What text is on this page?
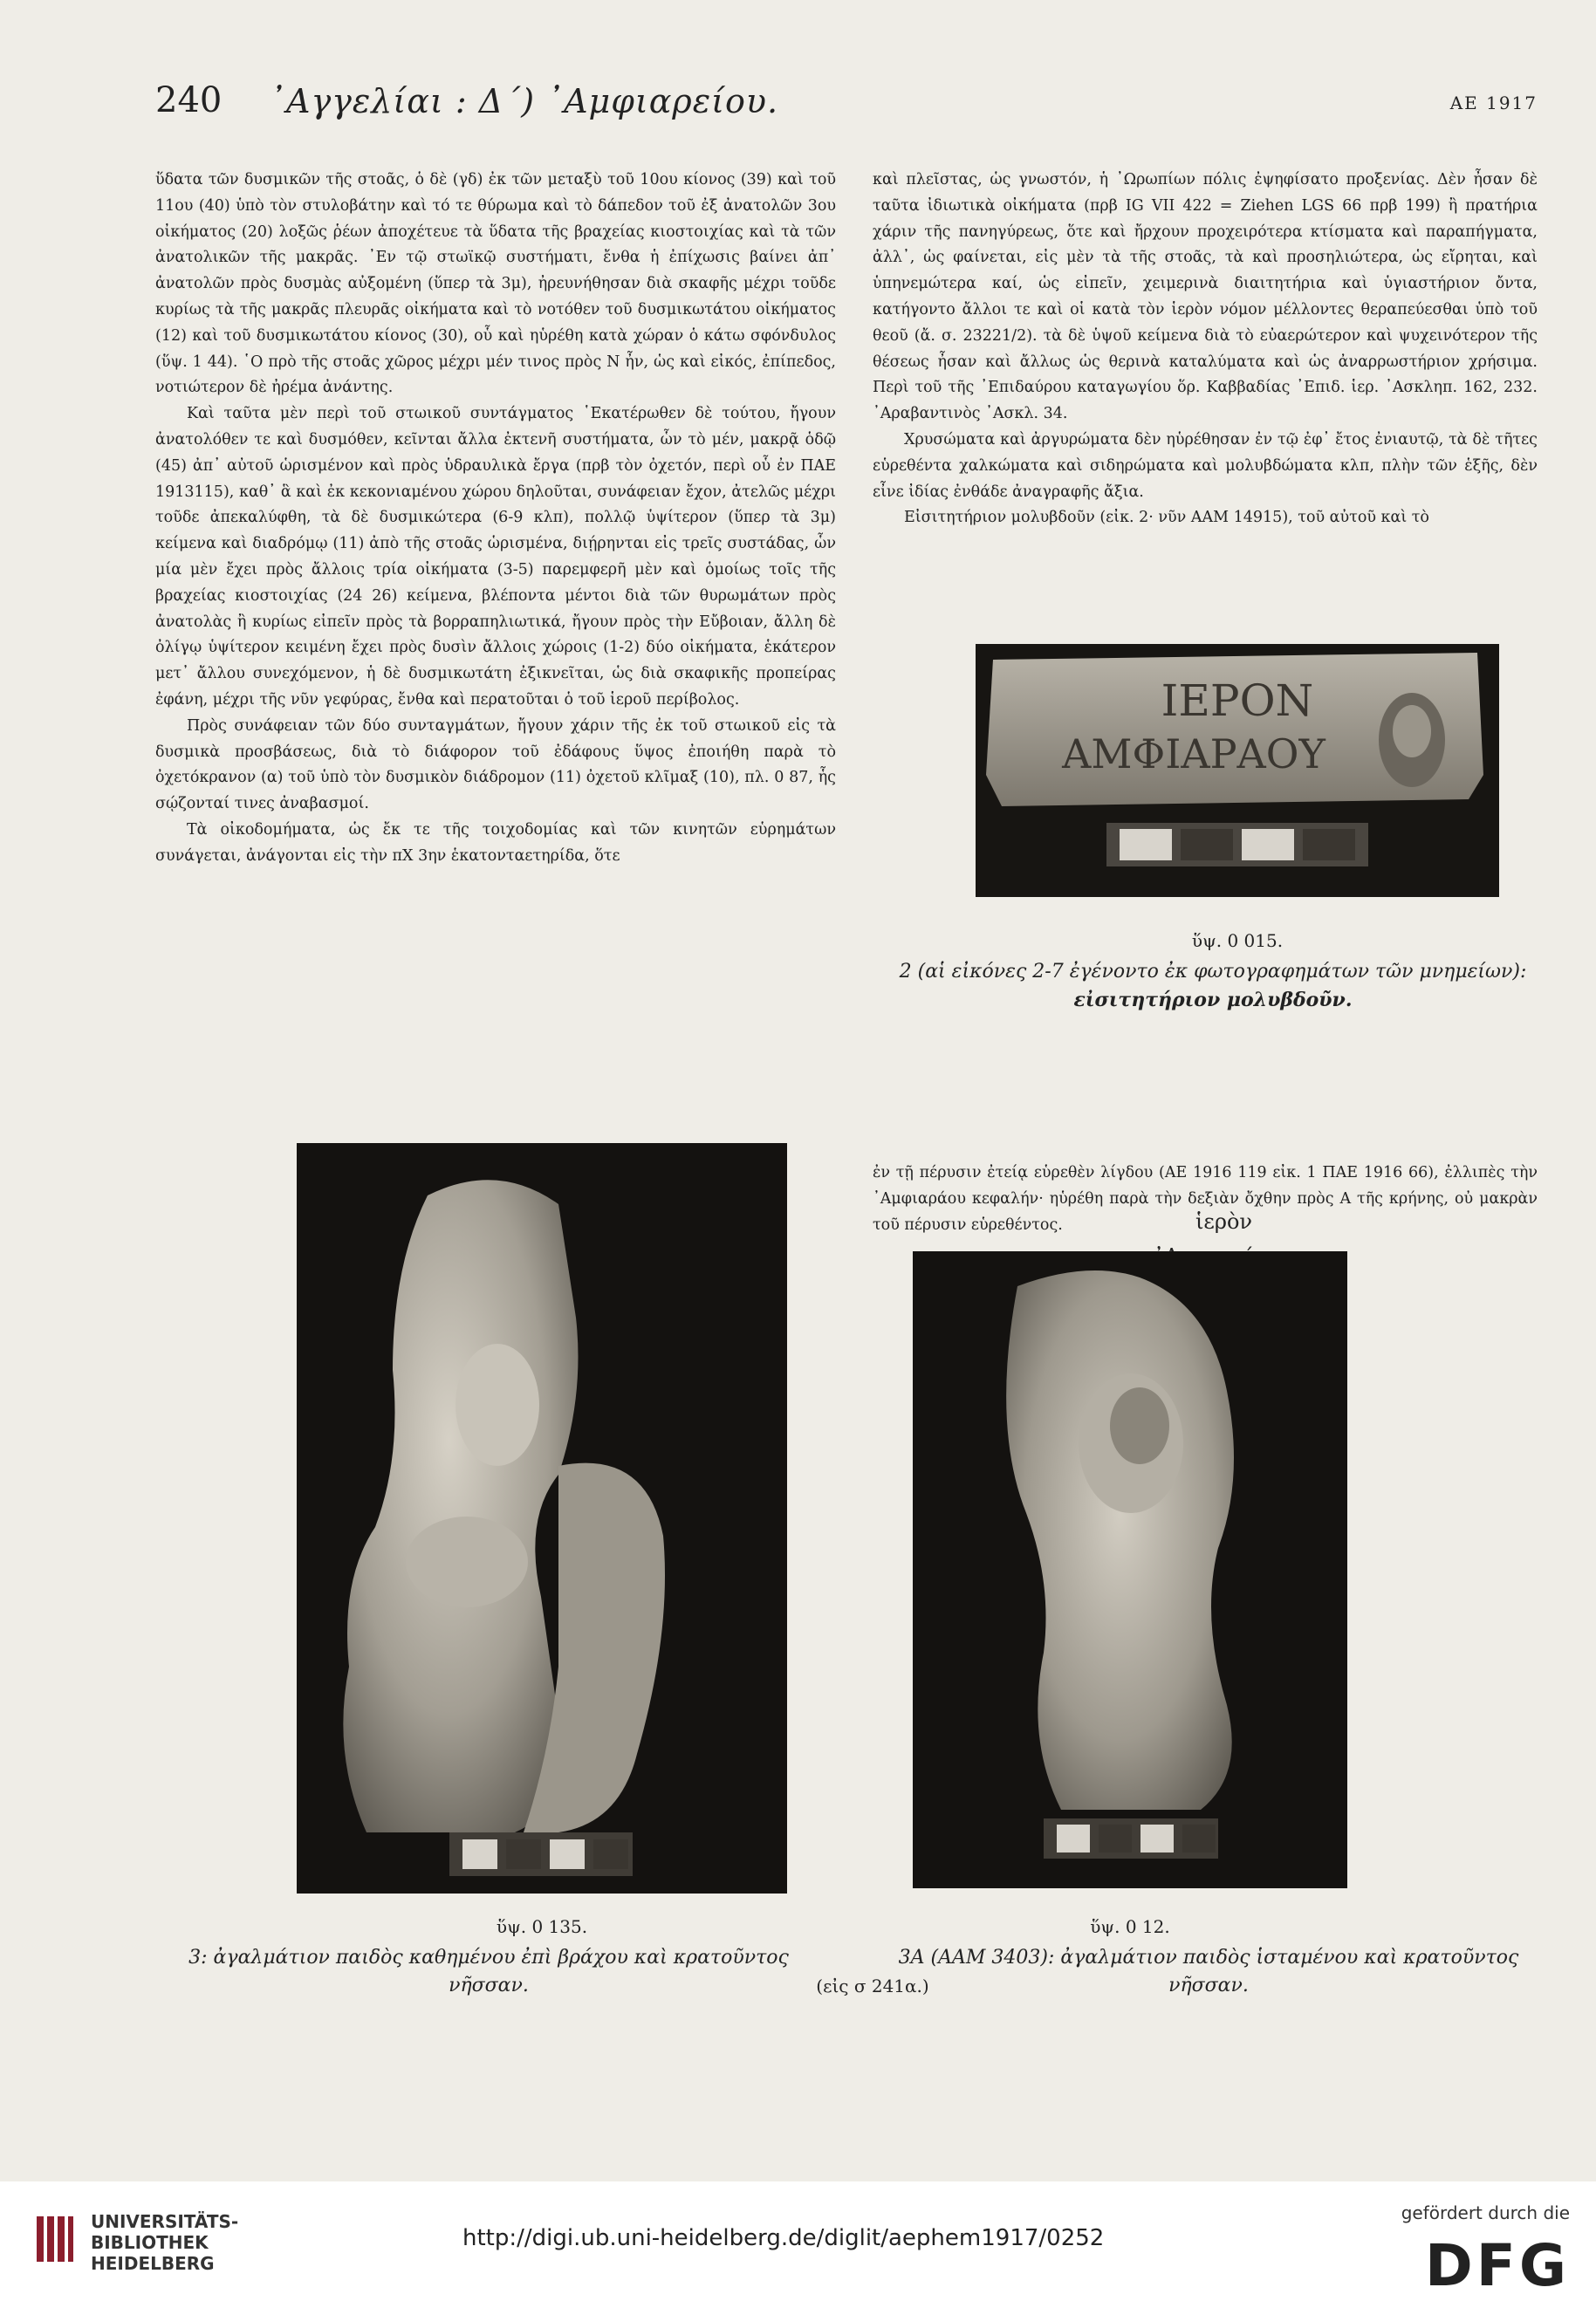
240 ᾿Αγγελίαι : Δ΄) ᾿Αμφιαρείου.	ΑΕ 1917

ὕδατα τῶν δυσμικῶν τῆς στοᾶς, ὁ δὲ (γδ) ἐκ τῶν μεταξὺ τοῦ 10ου κίονος (39) καὶ τοῦ 11ου (40) ὑπὸ τὸν στυλοβάτην καὶ τό τε θύρωμα καὶ τὸ δάπεδον τοῦ ἐξ ἀνατολῶν 3ου οἰκήματος (20) λοξῶς ῥέων ἀποχέτευε τὰ ὕδατα τῆς βραχείας κιοστοιχίας καὶ τὰ τῶν ἀνατολικῶν τῆς μακρᾶς. ᾿Εν τῷ στωϊκῷ συστήματι, ἔνθα ἡ ἐπίχωσις βαίνει ἀπ᾿ ἀνατολῶν πρὸς δυσμὰς αὐξομένη (ὕπερ τὰ 3μ), ἠρευνήθησαν διὰ σκαφῆς μέχρι τοῦδε κυρίως τὰ τῆς μακρᾶς πλευρᾶς οἰκήματα καὶ τὸ νοτόθεν τοῦ δυσμικωτάτου οἰκήματος (12) καὶ τοῦ δυσμικωτάτου κίονος (30), οὗ καὶ ηὑρέθη κατὰ χώραν ὁ κάτω σφόνδυλος (ὕψ. 1 44). ῾Ο πρὸ τῆς στοᾶς χῶρος μέχρι μέν τινος πρὸς Ν ἦν, ὡς καὶ εἰκός, ἐπίπεδος, νοτιώτερον δὲ ἠρέμα ἀνάντης.

Καὶ ταῦτα μὲν περὶ τοῦ στωικοῦ συντάγματος ῾Εκατέρωθεν δὲ τούτου, ἤγουν ἀνατολόθεν τε καὶ δυσμόθεν, κεῖνται ἄλλα ἐκτενῆ συστήματα, ὧν τὸ μέν, μακρᾷ ὁδῷ (45) ἀπ᾿ αὐτοῦ ὡρισμένον καὶ πρὸς ὑδραυλικὰ ἔργα (πρβ τὸν ὀχετόν, περὶ οὗ ἐν ΠΑΕ 1913115), καθ᾿ ἃ καὶ ἐκ κεκονιαμένου χώρου δηλοῦται, συνάφειαν ἔχον, ἀτελῶς μέχρι τοῦδε ἀπεκαλύφθη, τὰ δὲ δυσμικώτερα (6-9 κλπ), πολλῷ ὑψίτερον (ὕπερ τὰ 3μ) κείμενα καὶ διαδρόμῳ (11) ἀπὸ τῆς στοᾶς ὡρισμένα, διῄρηνται εἰς τρεῖς συστάδας, ὧν μία μὲν ἔχει πρὸς ἄλλοις τρία οἰκήματα (3-5) παρεμφερῆ μὲν καὶ ὁμοίως τοῖς τῆς βραχείας κιοστοιχίας (24 26) κείμενα, βλέποντα μέντοι διὰ τῶν θυρωμάτων πρὸς ἀνατολὰς ἢ κυρίως εἰπεῖν πρὸς τὰ βορραπηλιωτικά, ἤγουν πρὸς τὴν Εὔβοιαν, ἄλλη δὲ ὀλίγῳ ὑψίτερον κειμένη ἔχει πρὸς δυσὶν ἄλλοις χώροις (1-2) δύο οἰκήματα, ἑκάτερον μετ᾿ ἄλλου συνεχόμενον, ἡ δὲ δυσμικωτάτη ἐξικνεῖται, ὡς διὰ σκαφικῆς προπείρας ἐφάνη, μέχρι τῆς νῦν γεφύρας, ἔνθα καὶ περατοῦται ὁ τοῦ ἱεροῦ περίβολος.

Πρὸς συνάφειαν τῶν δύο συνταγμάτων, ἤγουν χάριν τῆς ἐκ τοῦ στωικοῦ εἰς τὰ δυσμικὰ προσβάσεως, διὰ τὸ διάφορον τοῦ ἐδάφους ὕψος ἐποιήθη παρὰ τὸ ὀχετόκρανον (α) τοῦ ὑπὸ τὸν δυσμικὸν διάδρομον (11) ὀχετοῦ κλῖμαξ (10), πλ. 0 87, ἧς σῴζονταί τινες ἀναβασμοί.

Τὰ οἰκοδομήματα, ὡς ἔκ τε τῆς τοιχοδομίας καὶ τῶν κινητῶν εὑρημάτων συνάγεται, ἀνάγονται εἰς τὴν πΧ 3ην ἑκατονταετηρίδα, ὅτε

καὶ πλεῖστας, ὡς γνωστόν, ἡ ᾿Ωρωπίων πόλις ἐψηφίσατο προξενίας. Δὲν ἦσαν δὲ ταῦτα ἰδιωτικὰ οἰκήματα (πρβ IG VII 422 = Ziehen LGS 66 πρβ 199) ἢ πρατήρια χάριν τῆς πανηγύρεως, ὅτε καὶ ἤρχουν προχειρότερα κτίσματα καὶ παραπήγματα, ἀλλ᾿, ὡς φαίνεται, εἰς μὲν τὰ τῆς στοᾶς, τὰ καὶ προσηλιώτερα, ὡς εἴρηται, καὶ ὑπηνεμώτερα καί, ὡς εἰπεῖν, χειμερινὰ διαιτητήρια καὶ ὑγιαστήριον ὄντα, κατήγοντο ἄλλοι τε καὶ οἱ κατὰ τὸν ἱερὸν νόμον μέλλοντες θεραπεύεσθαι ὑπὸ τοῦ θεοῦ (ἄ. σ. 23221/2). τὰ δὲ ὑψοῦ κείμενα διὰ τὸ εὐαερώτερον καὶ ψυχεινότερον τῆς θέσεως ἦσαν καὶ ἄλλως ὡς θερινὰ καταλύματα καὶ ὡς ἀναρρωστήριον χρήσιμα. Περὶ τοῦ τῆς ᾿Επιδαύρου καταγωγίου ὅρ. Καββαδίας ᾿Επιδ. ἱερ. ᾿Ασκληπ. 162, 232. ᾿Αραβαντινὸς ᾿Ασκλ. 34.

Χρυσώματα καὶ ἀργυρώματα δὲν ηὑρέθησαν ἐν τῷ ἐφ᾿ ἔτος ἐνιαυτῷ, τὰ δὲ τῆτες εὑρεθέντα χαλκώματα καὶ σιδηρώματα καὶ μολυβδώματα κλπ, πλὴν τῶν ἑξῆς, δὲν εἶνε ἰδίας ἐνθάδε ἀναγραφῆς ἄξια.

Εἰσιτητήριον μολυβδοῦν (εἰκ. 2· νῦν ΑΑΜ 14915), τοῦ αὐτοῦ καὶ τὸ

ΙΕΡΟΝ
ΑΜΦΙΑΡΑΟΥ
ὕψ. 0 015.
2 (αἱ εἰκόνες 2-7 ἐγένοντο ἐκ φωτογραφημάτων τῶν μνημείων):
εἰσιτητήριον μολυβδοῦν.
ἱερὸν
ἐν τῇ πέρυσιν ἐτείᾳ εὑρεθὲν λίγδου (ΑΕ 1916 119 εἰκ. 1 ΠΑΕ 1916 66), ἐλλιπὲς τὴν ᾿Αμφιαράου κεφαλήν· ηὑρέθη παρὰ τὴν δεξιὰν ὄχθην πρὸς Α τῆς κρήνης, οὐ μακρὰν τοῦ πέρυσιν εὑρεθέντος.
ὕψ. 0 135.
3: ἀγαλμάτιον παιδὸς καθημένου ἐπὶ βράχου καὶ κρατοῦντος
νῆσσαν.
ὕψ. 0 12.
3Α (ΑΑΜ 3403): ἀγαλμάτιον παιδὸς ἱσταμένου καὶ κρατοῦντος
νῆσσαν.
(εἰς σ 241α.)
UNIVERSITÄTS-
BIBLIOTHEK
HEIDELBERG
http://digi.ub.uni-heidelberg.de/diglit/aephem1917/0252
gefördert durch die
DFG
